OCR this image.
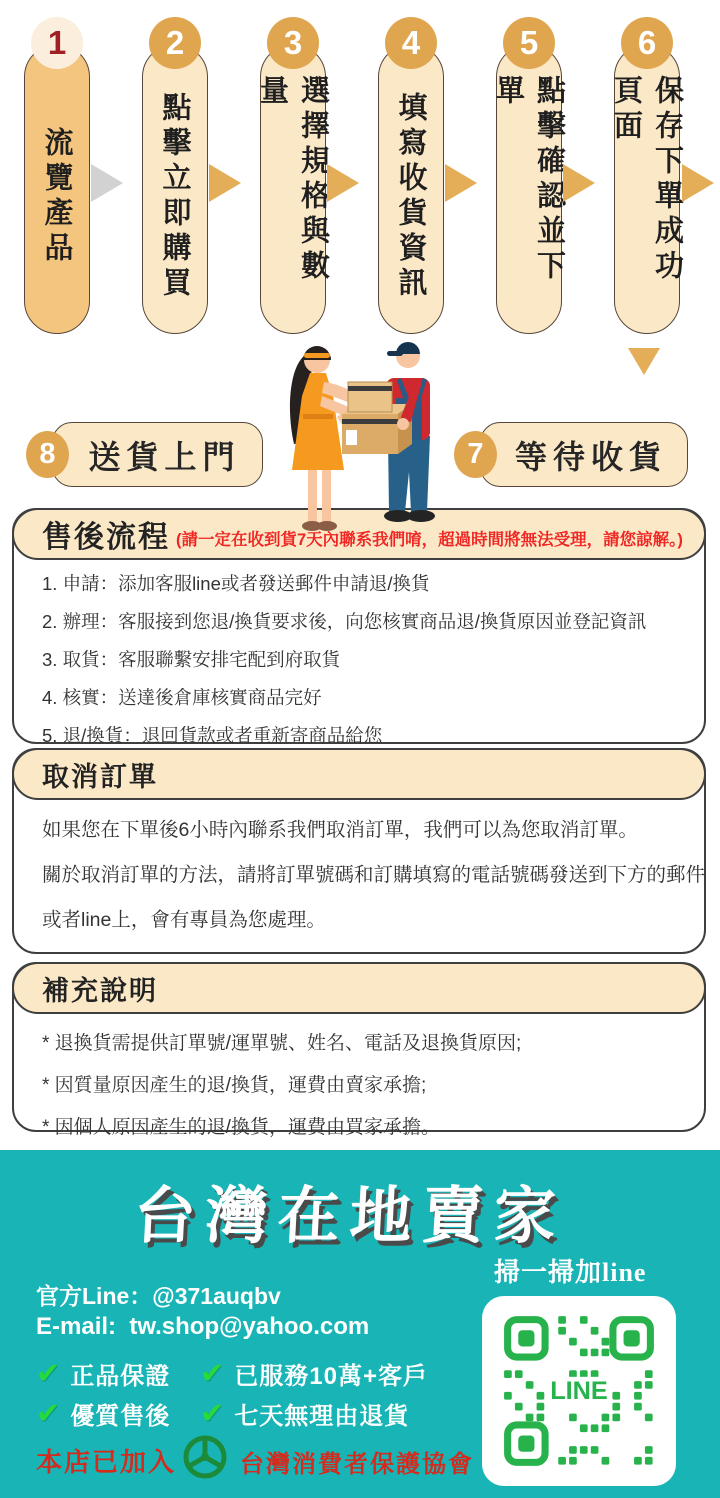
1
流覽產品
2
點擊立即購買
3
選擇規格與數量
4
填寫收貨資訊
5
點擊確認並下單
6
保存下單成功頁面
8	送貨上門	7 等待收貨
售後流程 (請一定在收到貨7天內聯系我們唷，超過時間將無法受理，請您諒解。)

1. 申請：添加客服line或者發送郵件申請退/換貨

2. 辦理：客服接到您退/換貨要求後，向您核實商品退/換貨原因並登記資訊

3. 取貨：客服聯繫安排宅配到府取貨

4. 核實：送達後倉庫核實商品完好

5. 退/換貨：退回貨款或者重新寄商品給您

取消訂單

如果您在下單後6小時內聯系我們取消訂單，我們可以為您取消訂單。

關於取消訂單的方法，請將訂單號碼和訂購填寫的電話號碼發送到下方的郵件

或者line上，會有專員為您處理。

補充說明

* 退換貨需提供訂單號/運單號、姓名、電話及退換貨原因;

* 因質量原因產生的退/換貨，運費由賣家承擔;

* 因個人原因產生的退/換貨，運費由買家承擔。

台灣在地賣家
掃一掃加line
官方Line：@371auqbv
E-mail: tw.shop@yahoo.com
✔ 正品保證 ✔ 已服務10萬+客戶
✔ 優質售後 ✔ 七天無理由退貨
本店已加入	台灣消費者保護協會
LINE
